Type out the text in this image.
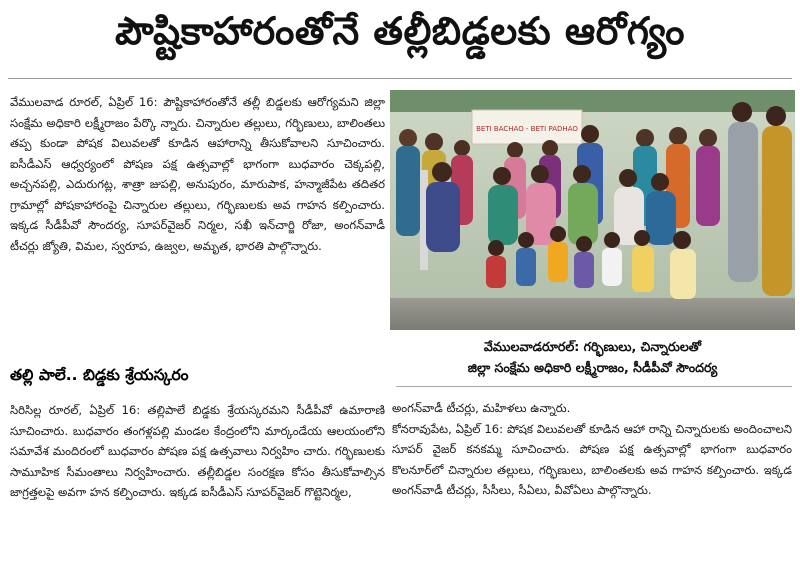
పౌష్టికాహారంతోనే తల్లీబిడ్డలకు ఆరోగ్యం

వేములవాడ రూరల్, ఏప్రిల్ 16: పౌష్టికాహారంతోనే తల్లీ బిడ్డలకు ఆరోగ్యమని జిల్లా సంక్షేమ అధికారి లక్ష్మీరాజం పేర్కొ న్నారు. చిన్నారుల తల్లులు, గర్భిణులు, బాలింతలు తప్ప కుండా పోషక విలువలతో కూడిన ఆహారాన్ని తీసుకోవాలని సూచించారు. ఐసీడీఎస్ ఆధ్వర్యంలో పోషణ పక్ష ఉత్సవాల్లో భాగంగా బుధవారం చెక్కపల్లి, అచ్చనపల్లి, ఎదురుగట్ల, శాత్రా జుపల్లి, అనుపురం, మారుపాక, హన్మాజీపేట తదితర గ్రామాల్లో పోషకాహారంపై చిన్నారుల తల్లులు, గర్భిణులకు అవ గాహన కల్పించారు. ఇక్కడ సీడీపీవో సౌందర్య, సూపర్‌వైజర్ నిర్మల, సఖీ ఇన్‌చార్జి రోజా, అంగన్‌వాడీ టీచర్లు జ్యోతి, విమల, స్వరూప, ఉజ్వల, అమృత, భారతి పాల్గొన్నారు.

BETI BACHAO - BETI PADHAO
వేములవాడరూరల్: గర్భిణులు, చిన్నారులతో
జిల్లా సంక్షేమ అధికారి లక్ష్మీరాజం, సీడీపీవో సౌందర్య
తల్లి పాలే.. బిడ్డకు శ్రేయస్కరం

సిరిసిల్ల రూరల్, ఏప్రిల్ 16: తల్లిపాలే బిడ్డకు శ్రేయస్కరమని సీడీపీవో ఉమారాణి సూచించారు. బుధవారం తంగళ్లపల్లి మండల కేంద్రంలోని మార్కండేయ ఆలయంలోని సమావేశ మందిరంలో బుధవారం పోషణ పక్ష ఉత్సవాలు నిర్వహిం చారు. గర్భిణులకు సామూహిక సీమంతాలు నిర్వహించారు. తల్లీబిడ్డల సంరక్షణ కోసం తీసుకోవాల్సిన జాగ్రత్తలపై అవగా హన కల్పించారు. ఇక్కడ ఐసీడీఎస్ సూపర్‌వైజర్ గొట్టెనిర్మల,

అంగన్‌వాడీ టీచర్లు, మహిళలు ఉన్నారు.

కోనరావుపేట, ఏప్రిల్ 16: పోషక విలువలతో కూడిన ఆహా రాన్ని చిన్నారులకు అందించాలని సూపర్ వైజర్ కనకమ్మ సూచించారు. పోషణ పక్ష ఉత్సవాల్లో భాగంగా బుధవారం కొలనూర్‌లో చిన్నారుల తల్లులు, గర్భిణులు, బాలింతలకు అవ గాహన కల్పించారు. ఇక్కడ అంగన్‌వాడీ టీచర్లు, సీసీలు, సీఏలు, వీవోఏలు పాల్గొన్నారు.
